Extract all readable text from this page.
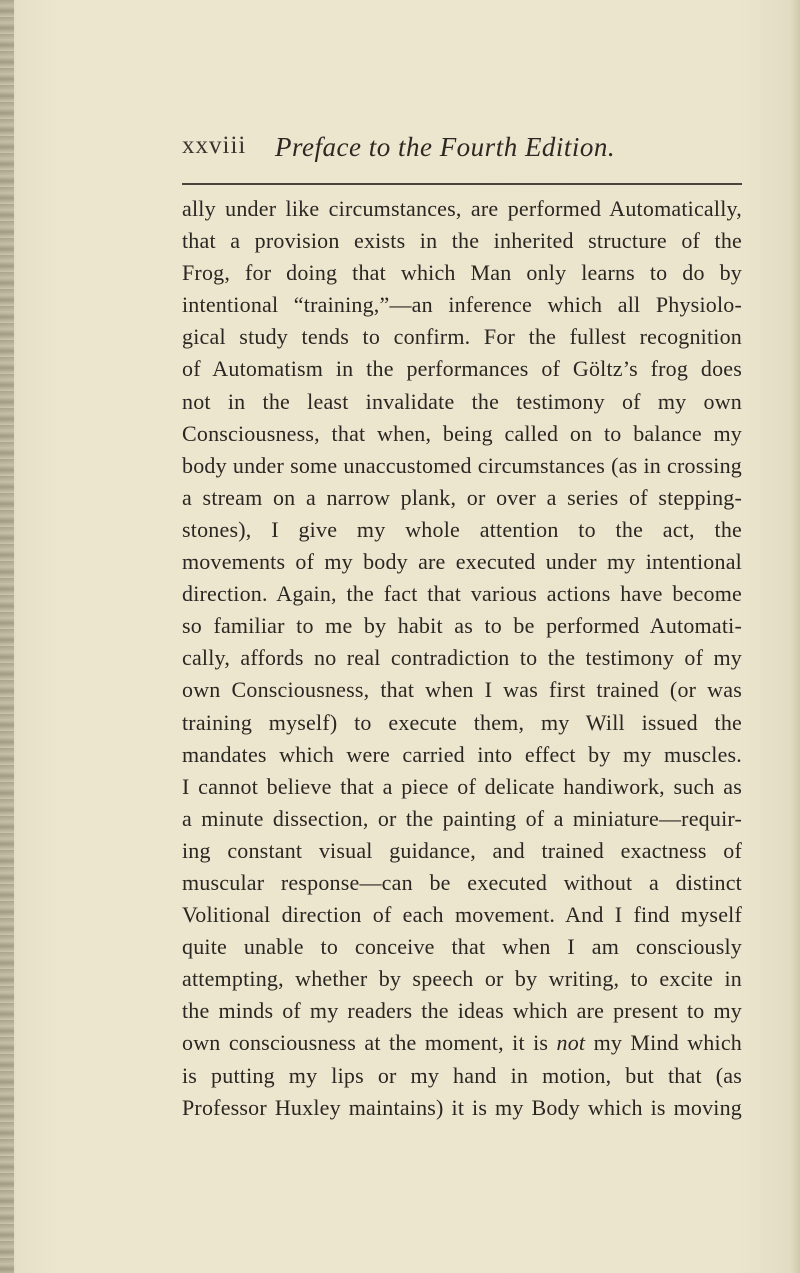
xxviii Preface to the Fourth Edition.
ally under like circumstances, are performed Automatically,
that a provision exists in the inherited structure of the
Frog, for doing that which Man only learns to do by
intentional “training,”—an inference which all Physiolo-
gical study tends to confirm. For the fullest recognition
of Automatism in the performances of Göltz’s frog does
not in the least invalidate the testimony of my own
Consciousness, that when, being called on to balance my
body under some unaccustomed circumstances (as in crossing
a stream on a narrow plank, or over a series of stepping-
stones), I give my whole attention to the act, the
movements of my body are executed under my intentional
direction. Again, the fact that various actions have become
so familiar to me by habit as to be performed Automati-
cally, affords no real contradiction to the testimony of my
own Consciousness, that when I was first trained (or was
training myself) to execute them, my Will issued the
mandates which were carried into effect by my muscles.
I cannot believe that a piece of delicate handiwork, such as
a minute dissection, or the painting of a miniature—requir-
ing constant visual guidance, and trained exactness of
muscular response—can be executed without a distinct
Volitional direction of each movement. And I find myself
quite unable to conceive that when I am consciously
attempting, whether by speech or by writing, to excite in
the minds of my readers the ideas which are present to my
own consciousness at the moment, it is not my Mind which
is putting my lips or my hand in motion, but that (as
Professor Huxley maintains) it is my Body which is moving
